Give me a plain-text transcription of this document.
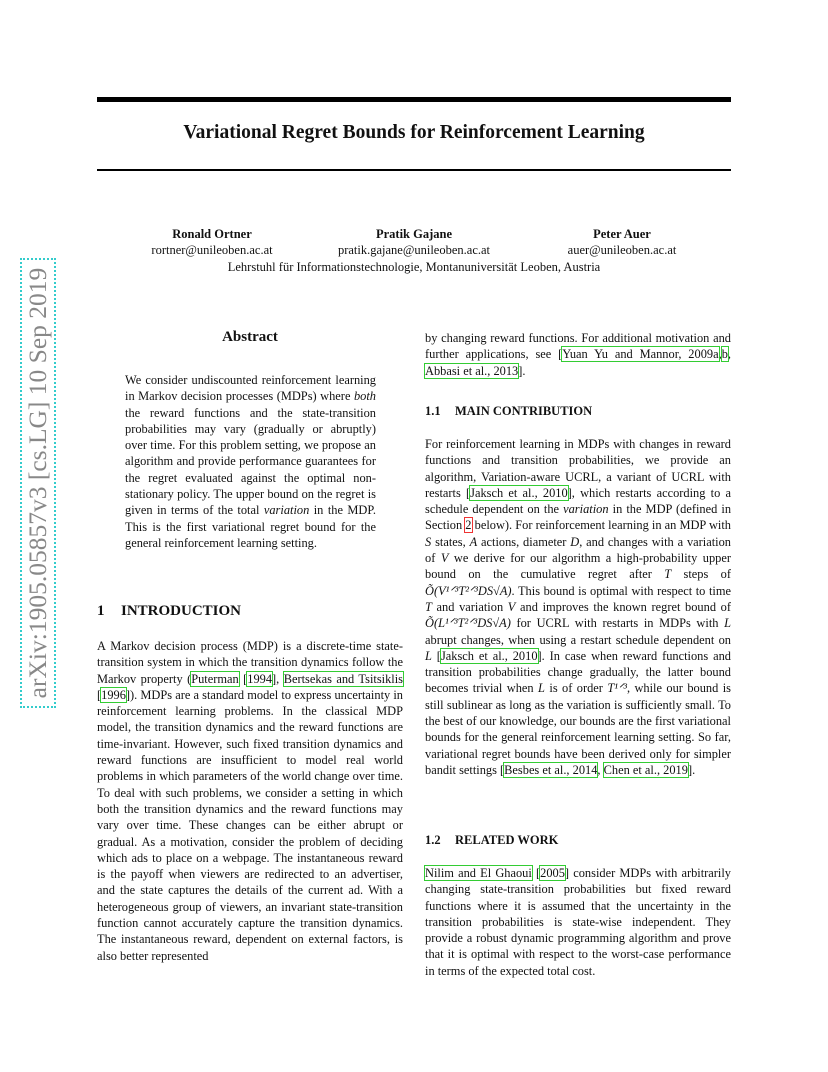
arXiv:1905.05857v3 [cs.LG] 10 Sep 2019
Variational Regret Bounds for Reinforcement Learning
Ronald Ortner
rortner@unileoben.ac.at
Pratik Gajane
pratik.gajane@unileoben.ac.at
Peter Auer
auer@unileoben.ac.at
Lehrstuhl für Informationstechnologie, Montanuniversität Leoben, Austria
Abstract

We consider undiscounted reinforcement learning in Markov decision processes (MDPs) where both the reward functions and the state-transition probabilities may vary (gradually or abruptly) over time. For this problem setting, we propose an algorithm and provide performance guarantees for the regret evaluated against the optimal non-stationary policy. The upper bound on the regret is given in terms of the total variation in the MDP. This is the first variational regret bound for the general reinforcement learning setting.

1 INTRODUCTION

A Markov decision process (MDP) is a discrete-time state-transition system in which the transition dynamics follow the Markov property (Puterman [1994], Bertsekas and Tsitsiklis [1996]). MDPs are a standard model to express uncertainty in reinforcement learning problems. In the classical MDP model, the transition dynamics and the reward functions are time-invariant. However, such fixed transition dynamics and reward functions are insufficient to model real world problems in which parameters of the world change over time. To deal with such problems, we consider a setting in which both the transition dynamics and the reward functions may vary over time. These changes can be either abrupt or gradual. As a motivation, consider the problem of deciding which ads to place on a webpage. The instantaneous reward is the payoff when viewers are redirected to an advertiser, and the state captures the details of the current ad. With a heterogeneous group of viewers, an invariant state-transition function cannot accurately capture the transition dynamics. The instantaneous reward, dependent on external factors, is also better represented

by changing reward functions. For additional motivation and further applications, see [Yuan Yu and Mannor, 2009a,b, Abbasi et al., 2013].

1.1 MAIN CONTRIBUTION

For reinforcement learning in MDPs with changes in reward functions and transition probabilities, we provide an algorithm, Variation-aware UCRL, a variant of UCRL with restarts [Jaksch et al., 2010], which restarts according to a schedule dependent on the variation in the MDP (defined in Section 2 below). For reinforcement learning in an MDP with S states, A actions, diameter D, and changes with a variation of V we derive for our algorithm a high-probability upper bound on the cumulative regret after T steps of Õ(V¹ᐟ³T²ᐟ³DS√A). This bound is optimal with respect to time T and variation V and improves the known regret bound of Õ(L¹ᐟ³T²ᐟ³DS√A) for UCRL with restarts in MDPs with L abrupt changes, when using a restart schedule dependent on L [Jaksch et al., 2010]. In case when reward functions and transition probabilities change gradually, the latter bound becomes trivial when L is of order T¹ᐟ³, while our bound is still sublinear as long as the variation is sufficiently small. To the best of our knowledge, our bounds are the first variational bounds for the general reinforcement learning setting. So far, variational regret bounds have been derived only for simpler bandit settings [Besbes et al., 2014, Chen et al., 2019].

1.2 RELATED WORK

Nilim and El Ghaoui [2005] consider MDPs with arbitrarily changing state-transition probabilities but fixed reward functions where it is assumed that the uncertainty in the transition probabilities is state-wise independent. They provide a robust dynamic programming algorithm and prove that it is optimal with respect to the worst-case performance in terms of the expected total cost.
